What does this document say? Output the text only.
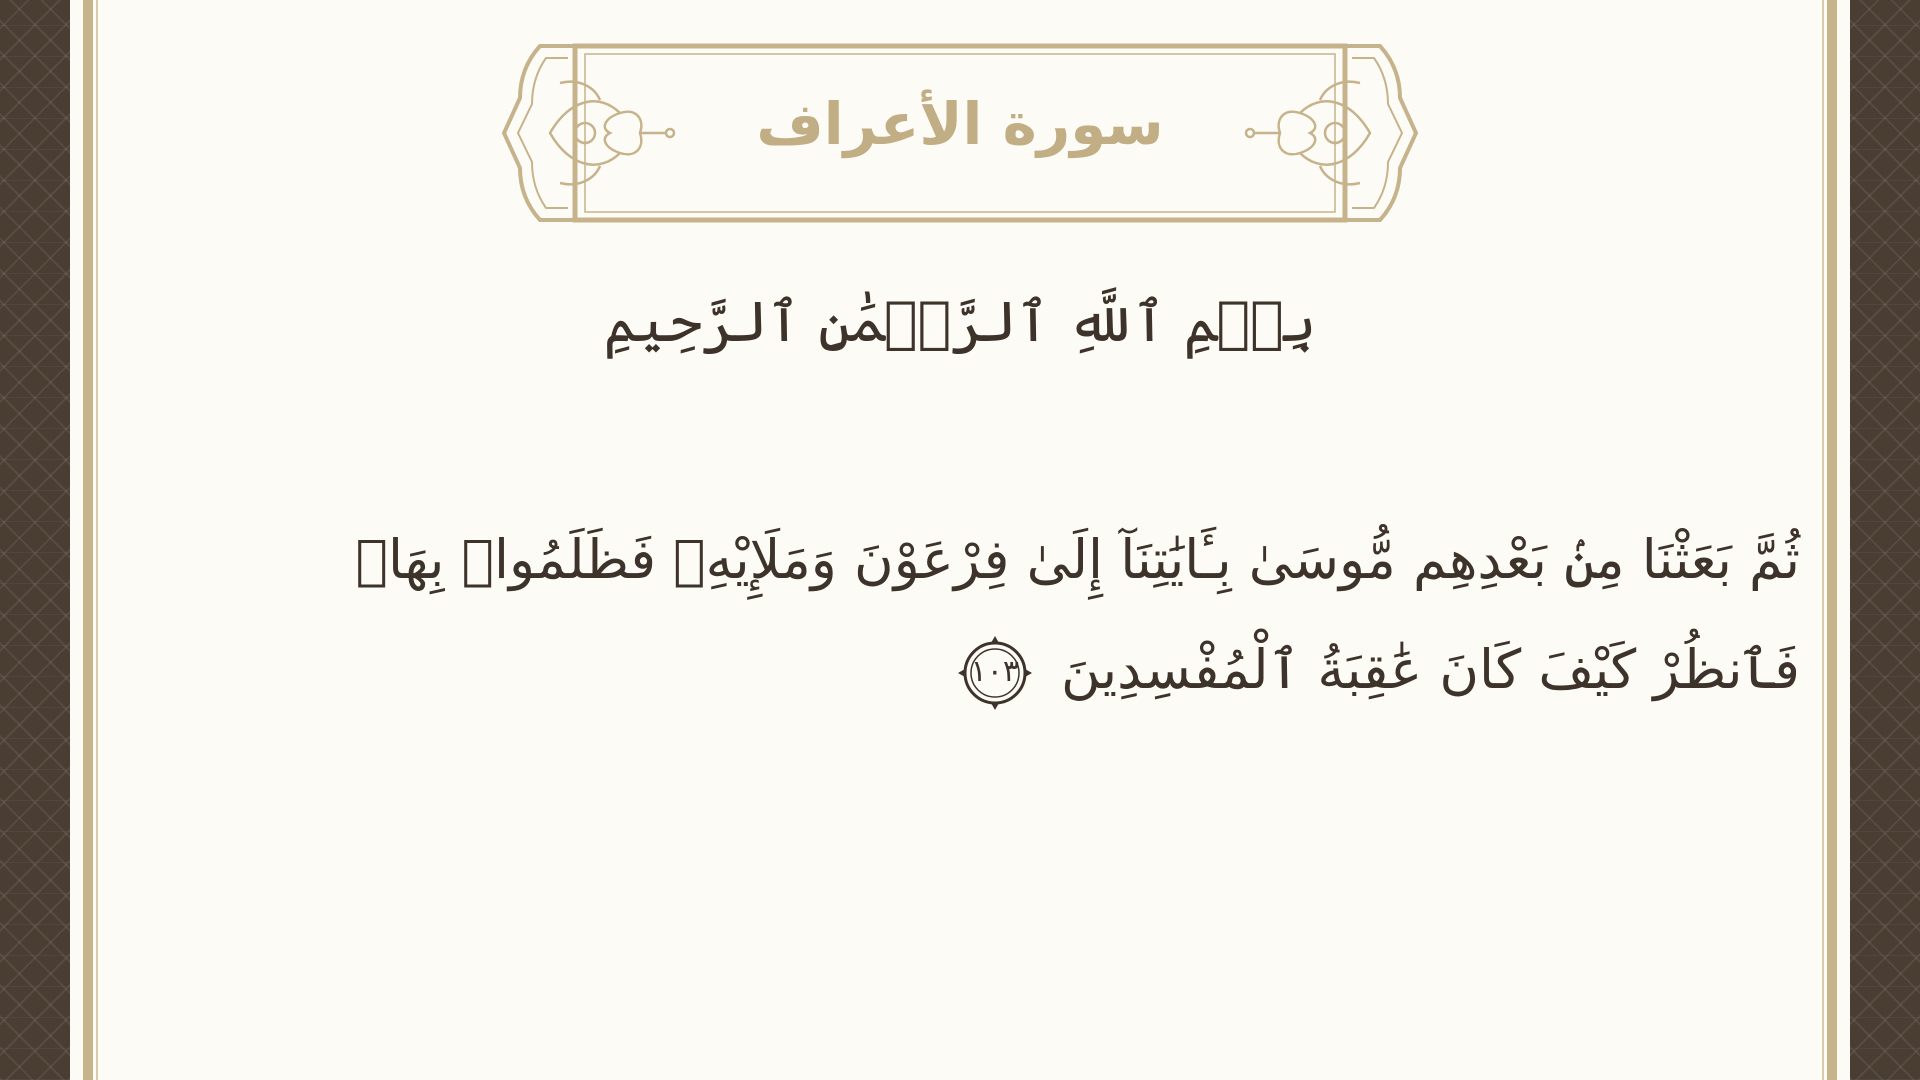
سورة الأعراف
بِسۡمِ ٱللَّهِ ٱلرَّحۡمَٰنِ ٱلرَّحِيمِ
ثُمَّ بَعَثْنَا مِنۢ بَعْدِهِم مُّوسَىٰ بِـَٔايَٰتِنَآ إِلَىٰ فِرْعَوْنَ وَمَلَإِيْهِۦ فَظَلَمُوا۟ بِهَاۖ فَٱنظُرْ كَيْفَ كَانَ عَٰقِبَةُ ٱلْمُفْسِدِينَ
١٠٣
